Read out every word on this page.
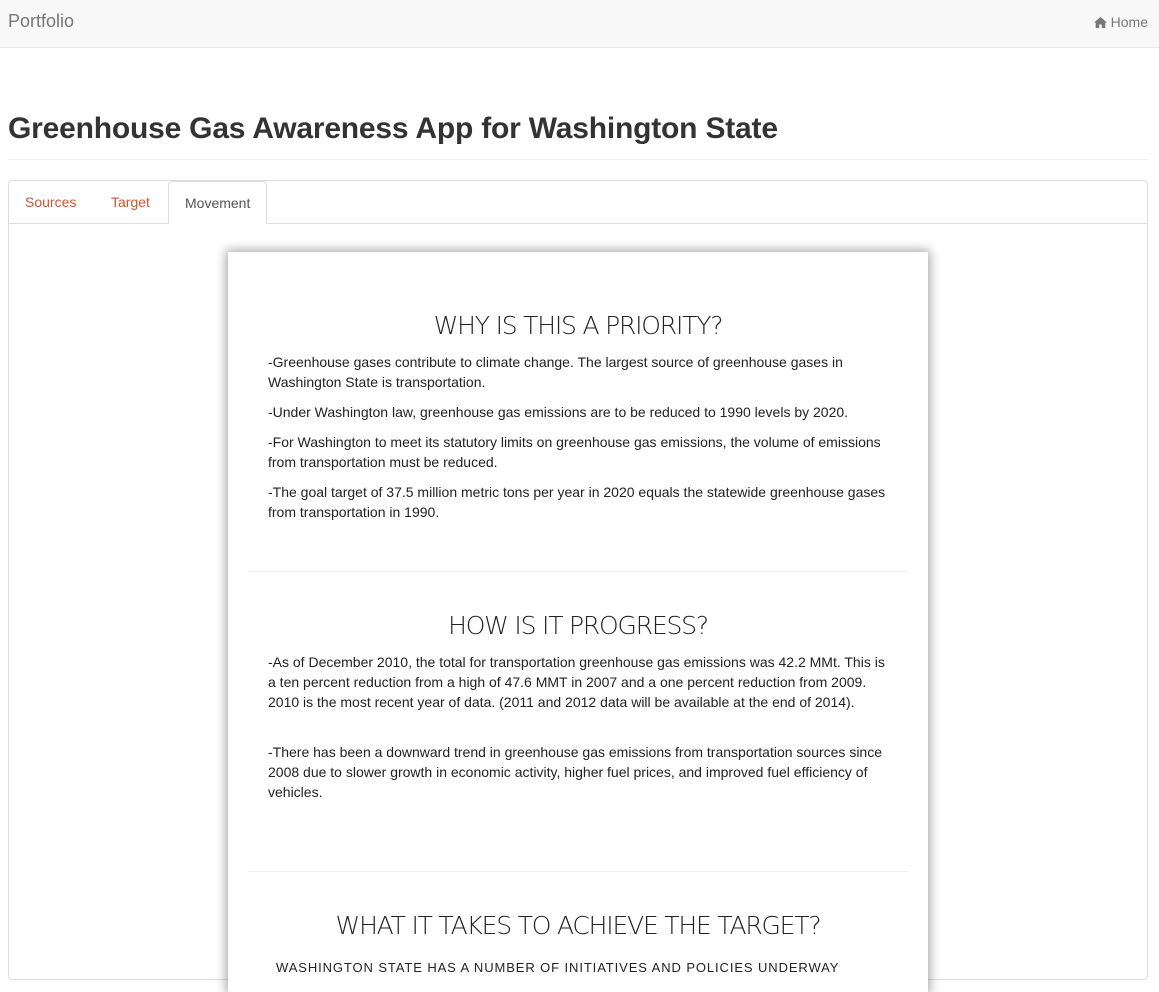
Portfolio	Home
Greenhouse Gas Awareness App for Washington State
Sources	Target	Movement
WHY IS THIS A PRIORITY?

-Greenhouse gases contribute to climate change. The largest source of greenhouse gases in Washington State is transportation.

-Under Washington law, greenhouse gas emissions are to be reduced to 1990 levels by 2020.

-For Washington to meet its statutory limits on greenhouse gas emissions, the volume of emissions from transportation must be reduced.

-The goal target of 37.5 million metric tons per year in 2020 equals the statewide greenhouse gases from transportation in 1990.

HOW IS IT PROGRESS?

-As of December 2010, the total for transportation greenhouse gas emissions was 42.2 MMt. This is a ten percent reduction from a high of 47.6 MMT in 2007 and a one percent reduction from 2009. 2010 is the most recent year of data. (2011 and 2012 data will be available at the end of 2014).

-There has been a downward trend in greenhouse gas emissions from transportation sources since 2008 due to slower growth in economic activity, higher fuel prices, and improved fuel efficiency of vehicles.

WHAT IT TAKES TO ACHIEVE THE TARGET?

WASHINGTON STATE HAS A NUMBER OF INITIATIVES AND POLICIES UNDERWAY
